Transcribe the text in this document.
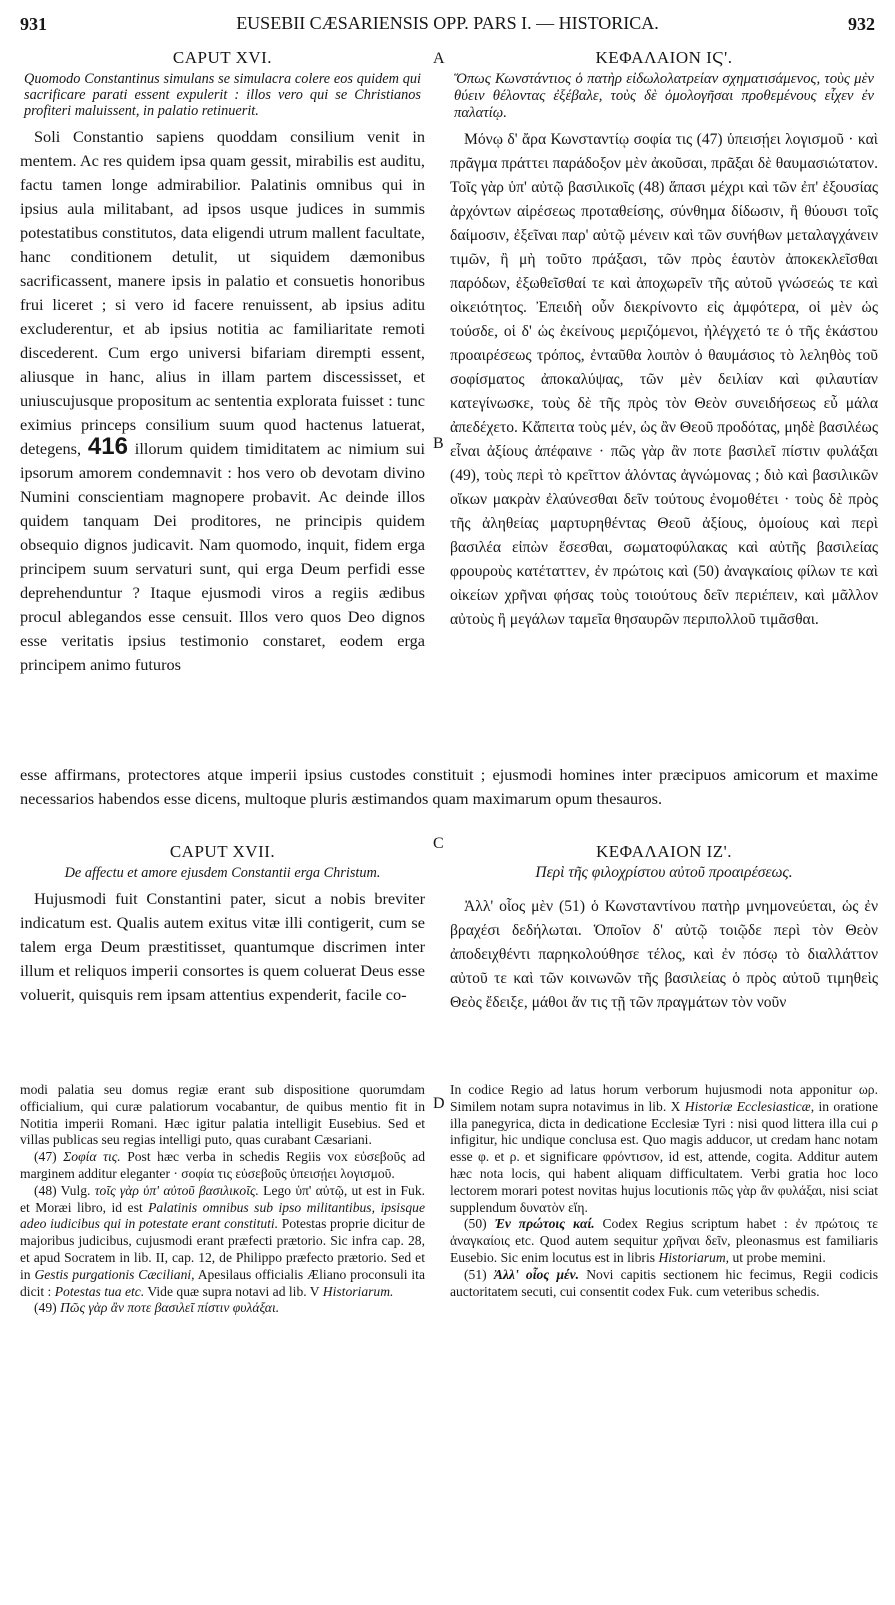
931	EUSEBII CÆSARIENSIS OPP. PARS I. — HISTORICA.	932
A
B
C
D
CAPUT XVI.
Quomodo Constantinus simulans se simulacra colere eos quidem qui sacrificare parati essent expulerit : illos vero qui se Christianos profiteri maluissent, in palatio retinuerit.

Soli Constantio sapiens quoddam consilium venit in mentem. Ac res quidem ipsa quam gessit, mirabilis est auditu, factu tamen longe admirabilior. Palatinis omnibus qui in ipsius aula militabant, ad ipsos usque judices in summis potestatibus constitutos, data eligendi utrum mallent facultate, hanc conditionem detulit, ut siquidem dæmonibus sacrificassent, manere ipsis in palatio et consuetis honoribus frui liceret ; si vero id facere renuissent, ab ipsius aditu excluderentur, et ab ipsius notitia ac familiaritate remoti discederent. Cum ergo universi bifariam dirempti essent, aliusque in hanc, alius in illam partem discessisset, et uniuscujusque propositum ac sententia explorata fuisset : tunc eximius princeps consilium suum quod hactenus latuerat, detegens, 416 illorum quidem timiditatem ac nimium sui ipsorum amorem condemnavit : hos vero ob devotam divino Numini conscientiam magnopere probavit. Ac deinde illos quidem tanquam Dei proditores, ne principis quidem obsequio dignos judicavit. Nam quomodo, inquit, fidem erga principem suum servaturi sunt, qui erga Deum perfidi esse deprehenduntur ? Itaque ejusmodi viros a regiis ædibus procul ablegandos esse censuit. Illos vero quos Deo dignos esse veritatis ipsius testimonio constaret, eodem erga principem animo futuros

ΚΕΦΑΛΑΙΟΝ ΙϚ'.
Ὅπως Κωνστάντιος ὁ πατὴρ εἰδωλολατρείαν σχηματισάμενος, τοὺς μὲν θύειν θέλοντας ἐξέβαλε, τοὺς δὲ ὁμολογῆσαι προθεμένους εἶχεν ἐν παλατίῳ.

Μόνῳ δ' ἄρα Κωνσταντίῳ σοφία τις (47) ὑπεισῄει λογισμοῦ · καὶ πρᾶγμα πράττει παράδοξον μὲν ἀκοῦσαι, πρᾶξαι δὲ θαυμασιώτατον. Τοῖς γὰρ ὑπ' αὐτῷ βασιλικοῖς (48) ἅπασι μέχρι καὶ τῶν ἐπ' ἐξουσίας ἀρχόντων αἱρέσεως προταθείσης, σύνθημα δίδωσιν, ἢ θύουσι τοῖς δαίμοσιν, ἐξεῖναι παρ' αὐτῷ μένειν καὶ τῶν συνήθων μεταλαγχάνειν τιμῶν, ἢ μὴ τοῦτο πράξασι, τῶν πρὸς ἑαυτὸν ἀποκεκλεῖσθαι παρόδων, ἐξωθεῖσθαί τε καὶ ἀποχωρεῖν τῆς αὐτοῦ γνώσεώς τε καὶ οἰκειότητος. Ἐπειδὴ οὖν διεκρίνοντο εἰς ἀμφότερα, οἱ μὲν ὡς τούσδε, οἱ δ' ὡς ἐκείνους μεριζόμενοι, ἠλέγχετό τε ὁ τῆς ἑκάστου προαιρέσεως τρόπος, ἐνταῦθα λοιπὸν ὁ θαυμάσιος τὸ λεληθὸς τοῦ σοφίσματος ἀποκαλύψας, τῶν μὲν δειλίαν καὶ φιλαυτίαν κατεγίνωσκε, τοὺς δὲ τῆς πρὸς τὸν Θεὸν συνειδήσεως εὖ μάλα ἀπεδέχετο. Κἄπειτα τοὺς μέν, ὡς ἂν Θεοῦ προδότας, μηδὲ βασιλέως εἶναι ἀξίους ἀπέφαινε · πῶς γὰρ ἂν ποτε βασιλεῖ πίστιν φυλάξαι (49), τοὺς περὶ τὸ κρεῖττον ἁλόντας ἀγνώμονας ; διὸ καὶ βασιλικῶν οἴκων μακρὰν ἐλαύνεσθαι δεῖν τούτους ἐνομοθέτει · τοὺς δὲ πρὸς τῆς ἀληθείας μαρτυρηθέντας Θεοῦ ἀξίους, ὁμοίους καὶ περὶ βασιλέα εἰπὼν ἔσεσθαι, σωματοφύλακας καὶ αὐτῆς βασιλείας φρουροὺς κατέταττεν, ἐν πρώτοις καὶ (50) ἀναγκαίοις φίλων τε καὶ οἰκείων χρῆναι φήσας τοὺς τοιούτους δεῖν περιέπειν, καὶ μᾶλλον αὐτοὺς ἢ μεγάλων ταμεῖα θησαυρῶν περιπολλοῦ τιμᾶσθαι.

esse affirmans, protectores atque imperii ipsius custodes constituit ; ejusmodi homines inter præcipuos amicorum et maxime necessarios habendos esse dicens, multoque pluris æstimandos quam maximarum opum thesauros.
CAPUT XVII.
De affectu et amore ejusdem Constantii erga Christum.

Hujusmodi fuit Constantini pater, sicut a nobis breviter indicatum est. Qualis autem exitus vitæ illi contigerit, cum se talem erga Deum præstitisset, quantumque discrimen inter illum et reliquos imperii consortes is quem coluerat Deus esse voluerit, quisquis rem ipsam attentius expenderit, facile co-

ΚΕΦΑΛΑΙΟΝ ΙΖ'.
Περὶ τῆς φιλοχρίστου αὐτοῦ προαιρέσεως.

Ἀλλ' οἷος μὲν (51) ὁ Κωνσταντίνου πατὴρ μνημονεύεται, ὡς ἐν βραχέσι δεδήλωται. Ὁποῖον δ' αὐτῷ τοιῷδε περὶ τὸν Θεὸν ἀποδειχθέντι παρηκολούθησε τέλος, καὶ ἐν πόσῳ τὸ διαλλάττον αὐτοῦ τε καὶ τῶν κοινωνῶν τῆς βασιλείας ὁ πρὸς αὐτοῦ τιμηθεὶς Θεὸς ἔδειξε, μάθοι ἄν τις τῇ τῶν πραγμάτων τὸν νοῦν

modi palatia seu domus regiæ erant sub dispositione quorumdam officialium, qui curæ palatiorum vocabantur, de quibus mentio fit in Notitia imperii Romani. Hæc igitur palatia intelligit Eusebius. Sed et villas publicas seu regias intelligi puto, quas curabant Cæsariani.

(47) Σοφία τις. Post hæc verba in schedis Regiis vox εὐσεβοῦς ad marginem additur eleganter · σοφία τις εὐσεβοῦς ὑπεισῄει λογισμοῦ.

(48) Vulg. τοῖς γὰρ ὑπ' αὐτοῦ βασιλικοῖς. Lego ὑπ' αὐτῷ, ut est in Fuk. et Moræi libro, id est Palatinis omnibus sub ipso militantibus, ipsisque adeo iudicibus qui in potestate erant constituti. Potestas proprie dicitur de majoribus judicibus, cujusmodi erant præfecti prætorio. Sic infra cap. 28, et apud Socratem in lib. II, cap. 12, de Philippo præfecto prætorio. Sed et in Gestis purgationis Cæciliani, Apesilaus officialis Æliano proconsuli ita dicit : Potestas tua etc. Vide quæ supra notavi ad lib. V Historiarum.

(49) Πῶς γὰρ ἂν ποτε βασιλεῖ πίστιν φυλάξαι.

In codice Regio ad latus horum verborum hujusmodi nota apponitur ωρ. Similem notam supra notavimus in lib. X Historiæ Ecclesiasticæ, in oratione illa panegyrica, dicta in dedicatione Ecclesiæ Tyri : nisi quod littera illa cui ρ infigitur, hic undique conclusa est. Quo magis adducor, ut credam hanc notam esse φ. et ρ. et significare φρόντισον, id est, attende, cogita. Additur autem hæc nota locis, qui habent aliquam difficultatem. Verbi gratia hoc loco lectorem morari potest novitas hujus locutionis πῶς γὰρ ἂν φυλάξαι, nisi sciat supplendum δυνατὸν εἴη.

(50) Ἐν πρώτοις καί. Codex Regius scriptum habet : ἐν πρώτοις τε ἀναγκαίοις etc. Quod autem sequitur χρῆναι δεῖν, pleonasmus est familiaris Eusebio. Sic enim locutus est in libris Historiarum, ut probe memini.

(51) Ἀλλ' οἷος μέν. Novi capitis sectionem hic fecimus, Regii codicis auctoritatem secuti, cui consentit codex Fuk. cum veteribus schedis.
